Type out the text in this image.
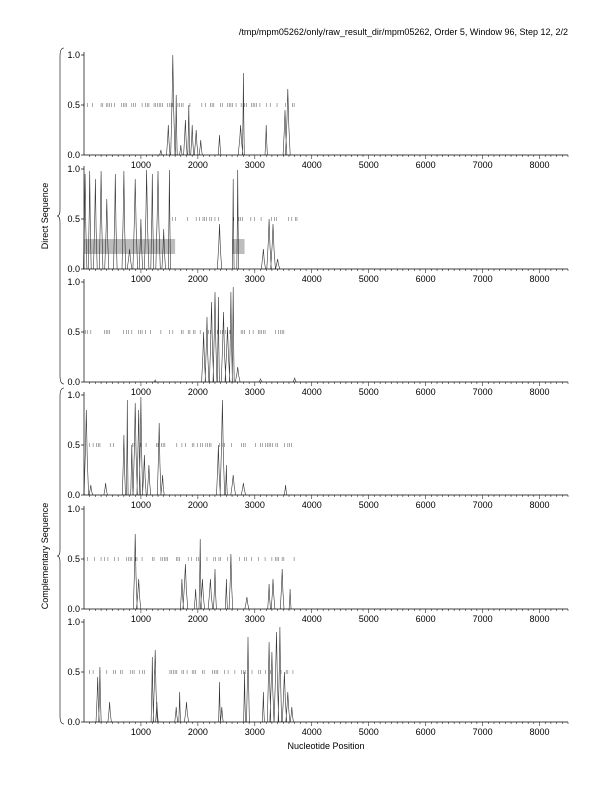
/tmp/mpm05262/only/raw_result_dir/mpm05262, Order 5, Window 96, Step 12, 2/2
0.0
0.5
1.0
1000	2000	3000	4000	5000	6000	7000	8000
0.0
0.5
1.0
1000	2000	3000	4000	5000	6000	7000	8000
0.0
0.5
1.0
1000	2000	3000	4000	5000	6000	7000	8000
0.0
0.5
1.0
1000	2000	3000	4000	5000	6000	7000	8000
0.0
0.5
1.0
1000	2000	3000	4000	5000	6000	7000	8000
0.0
0.5
1.0
1000	2000	3000	4000	5000	6000	7000	8000
Direct Sequence
Complementary Sequence
Nucleotide Position
